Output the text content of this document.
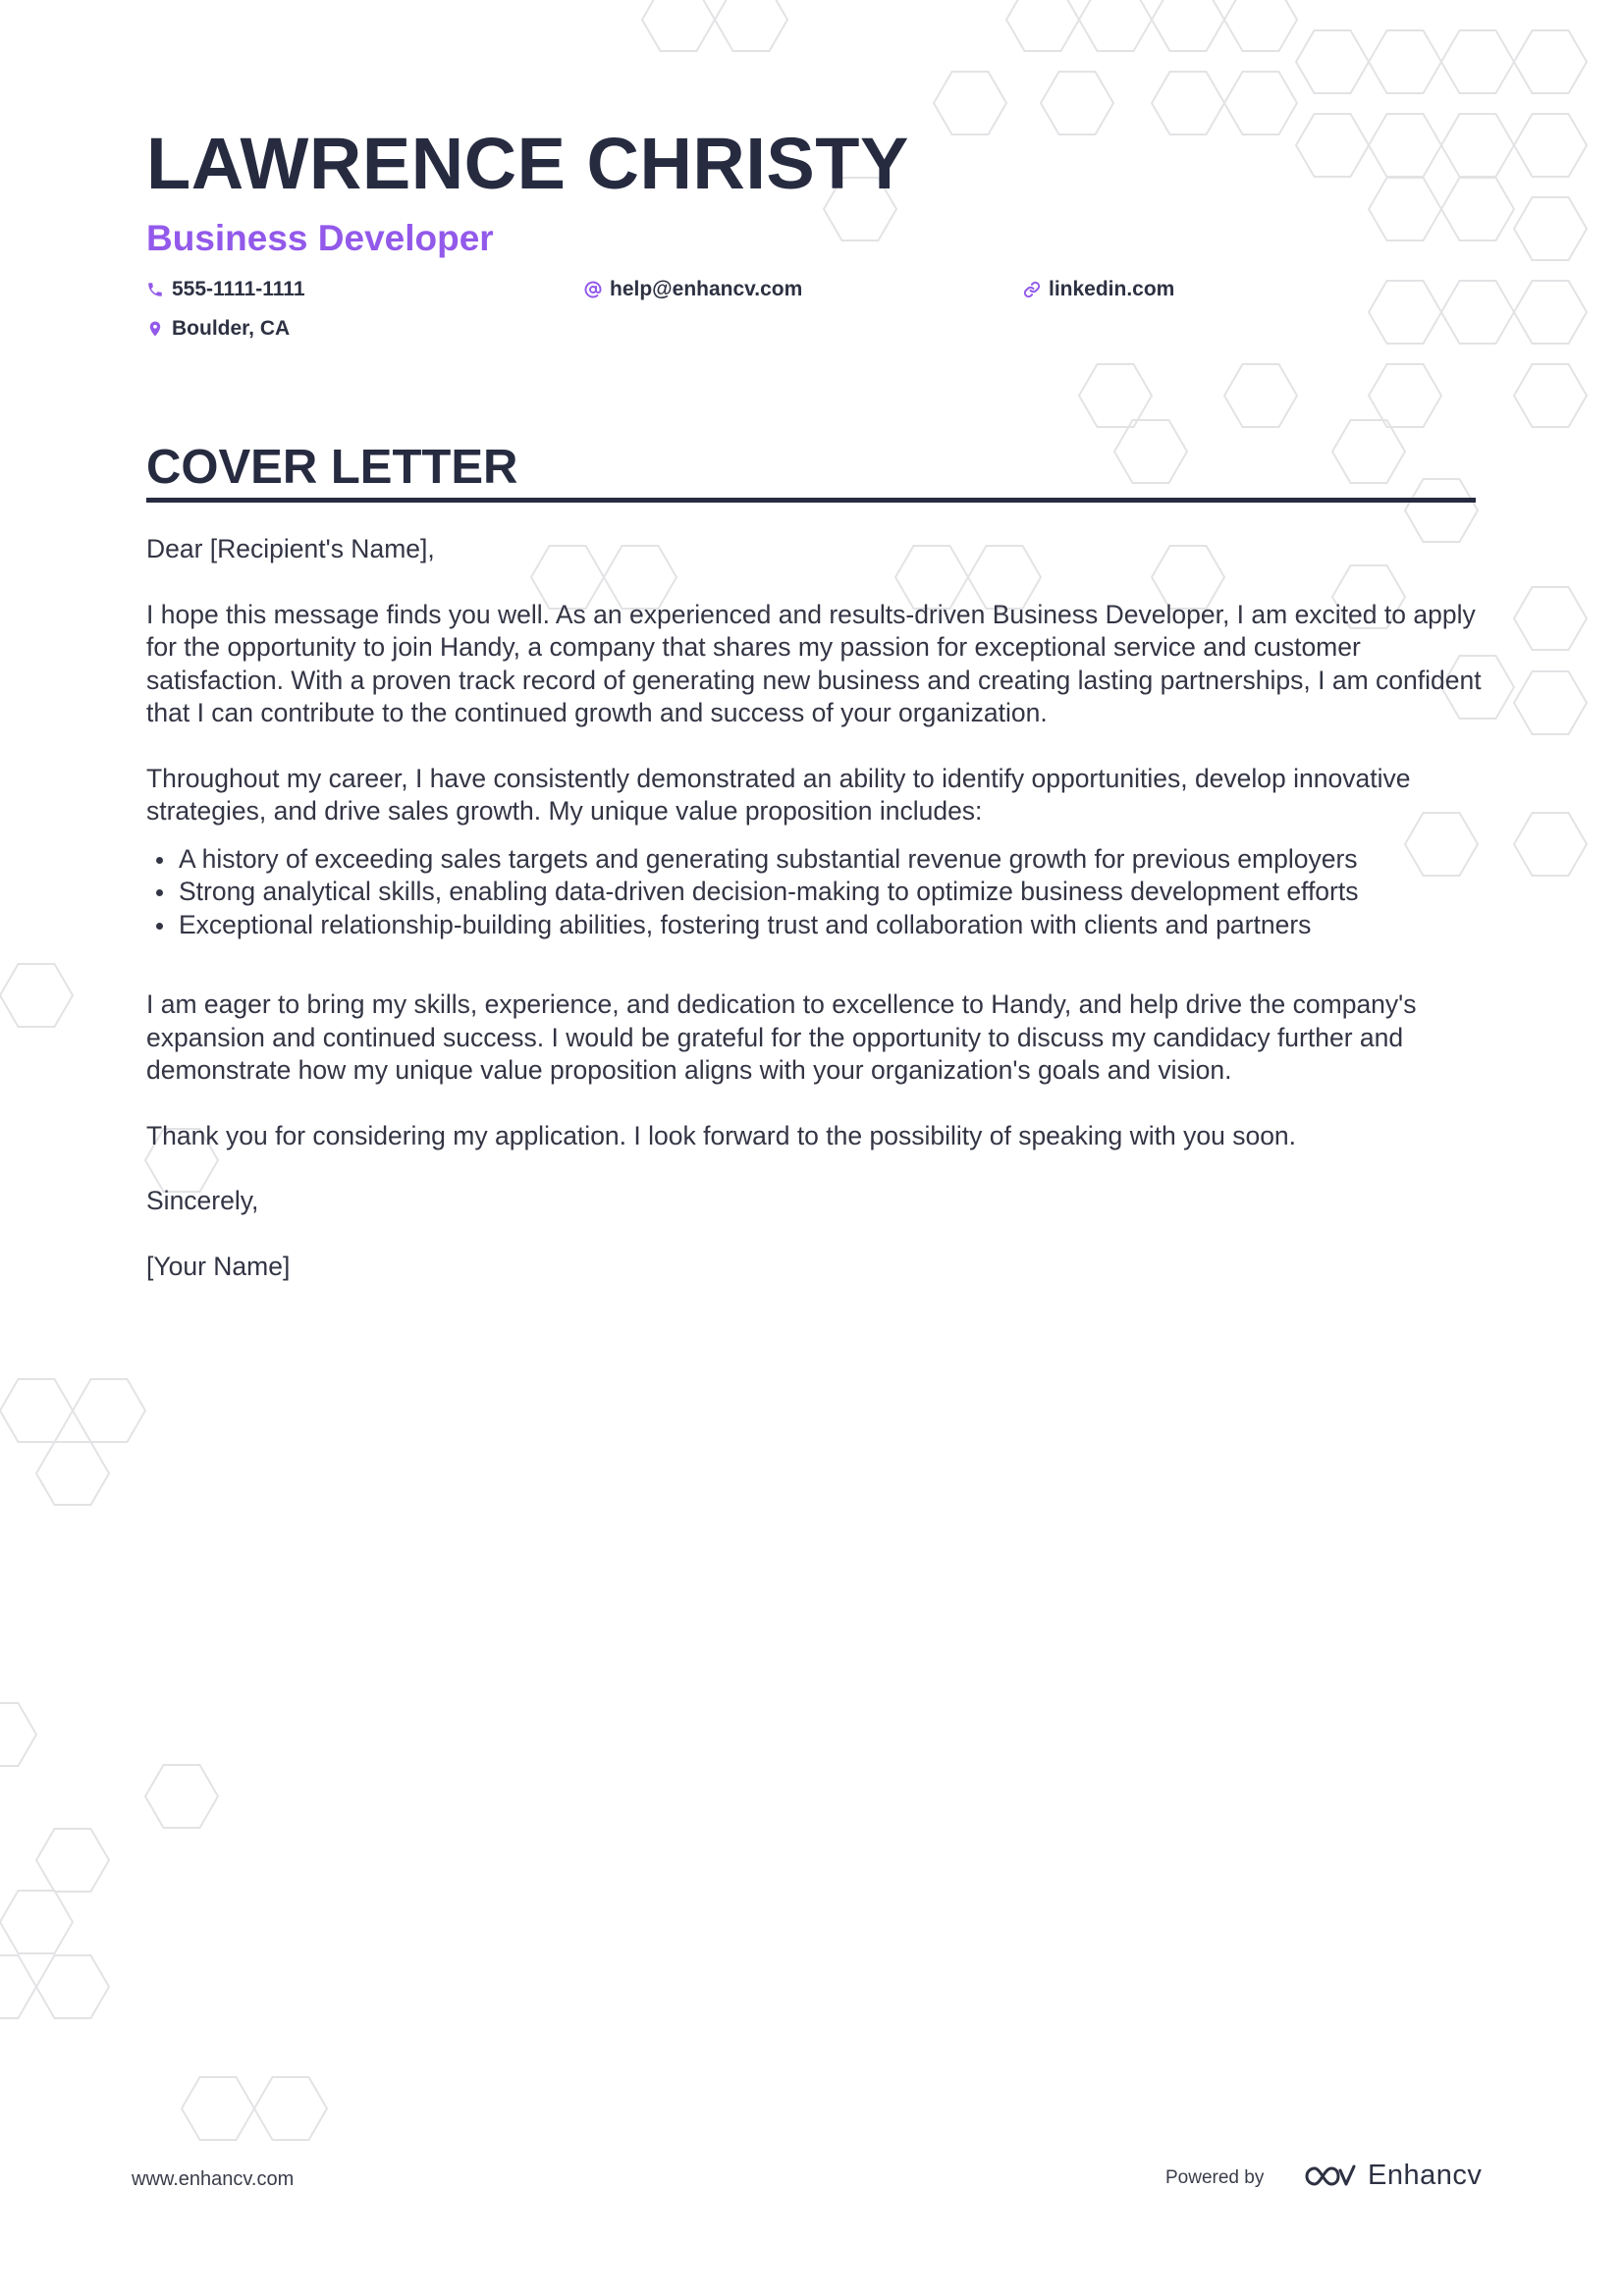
LAWRENCE CHRISTY
Business Developer
555-1111-1111	help@enhancv.com	linkedin.com
Boulder, CA
COVER LETTER

Dear [Recipient's Name],

I hope this message finds you well. As an experienced and results-driven Business Developer, I am excited to apply for the opportunity to join Handy, a company that shares my passion for exceptional service and customer satisfaction. With a proven track record of generating new business and creating lasting partnerships, I am confident that I can contribute to the continued growth and success of your organization.

Throughout my career, I have consistently demonstrated an ability to identify opportunities, develop innovative strategies, and drive sales growth. My unique value proposition includes:

• A history of exceeding sales targets and generating substantial revenue growth for previous employers
• Strong analytical skills, enabling data-driven decision-making to optimize business development efforts
• Exceptional relationship-building abilities, fostering trust and collaboration with clients and partners

I am eager to bring my skills, experience, and dedication to excellence to Handy, and help drive the company's expansion and continued success. I would be grateful for the opportunity to discuss my candidacy further and demonstrate how my unique value proposition aligns with your organization's goals and vision.

Thank you for considering my application. I look forward to the possibility of speaking with you soon.

Sincerely,

[Your Name]

www.enhancv.com	Powered by	Enhancv
